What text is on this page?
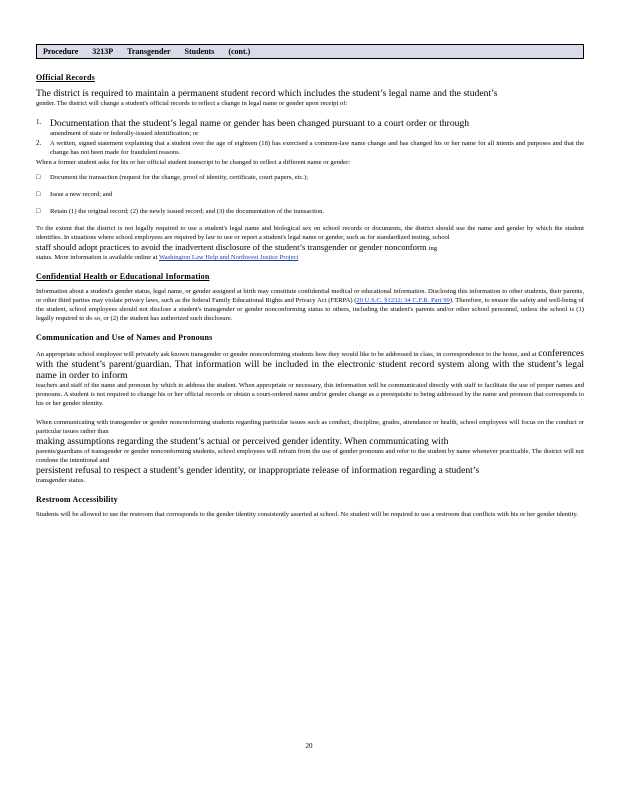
Procedure 3213P Transgender Students (cont.)
Official Records

The district is required to maintain a permanent student record which includes the student’s legal name and the student’s

gender. The district will change a student's official records to reflect a change in legal name or gender upon receipt of:

1. Documentation that the student’s legal name or gender has been changed pursuant to a court order or through

amendment of state or federally-issued identification; or

2.	A written, signed statement explaining that a student over the age of eighteen (18) has exercised a common-law name change and has changed his or her name for all intents and purposes and that the change has not been made for fraudulent reasons.

When a former student asks for his or her official student transcript to be changed to reflect a different name or gender:

□	Document the transaction (request for the change, proof of identity, certificate, court papers, etc.);
□	Issue a new record; and
□	Retain (1) the original record; (2) the newly issued record; and (3) the documentation of the transaction.

To the extent that the district is not legally required to use a student's legal name and biological sex on school records or documents, the district should use the name and gender by which the student identifies. In situations where school employees are required by law to use or report a student's legal name or gender, such as for standardized testing, school

staff should adopt practices to avoid the inadvertent disclosure of the student’s transgender or gender nonconform ing

status. More information is available online at Washington Law Help and Northwest Justice Project

Confidential Health or Educational Information

Information about a student's gender status, legal name, or gender assigned at birth may constitute confidential medical or educational information. Disclosing this information to other students, their parents, or other third parties may violate privacy laws, such as the federal Family Educational Rights and Privacy Act (FERPA) (20 U.S.C. §1232; 34 C.F.R. Part 99). Therefore, to ensure the safety and well-being of the student, school employees should not disclose a student's transgender or gender nonconforming status to others, including the student's parents and/or other school personnel, unless the school is (1) legally required to do so, or (2) the student has authorized such disclosure.

Communication and Use of Names and Pronouns

An appropriate school employee will privately ask known transgender or gender nonconforming students how they would like to be addressed in class, in correspondence to the home, and at conferences with the student’s parent/guardian. That information will be included in the electronic student record system along with the student’s legal name in order to inform

teachers and staff of the name and pronoun by which to address the student. When appropriate or necessary, this information will be communicated directly with staff to facilitate the use of proper names and pronouns. A student is not required to change his or her official records or obtain a court-ordered name and/or gender change as a prerequisite to being addressed by the name and pronoun that corresponds to his or her gender identity.

When communicating with transgender or gender nonconforming students regarding particular issues such as conduct, discipline, grades, attendance or health, school employees will focus on the conduct or particular issues rather than

making assumptions regarding the student’s actual or perceived gender identity. When communicating with

parents/guardians of transgender or gender nonconforming students, school employees will refrain from the use of gender pronouns and refer to the student by name whenever practicable. The district will not condone the intentional and

persistent refusal to respect a student’s gender identity, or inappropriate release of information regarding a student’s

transgender status.

Restroom Accessibility

Students will be allowed to use the restroom that corresponds to the gender identity consistently asserted at school. No student will be required to use a restroom that conflicts with his or her gender identity.

20
